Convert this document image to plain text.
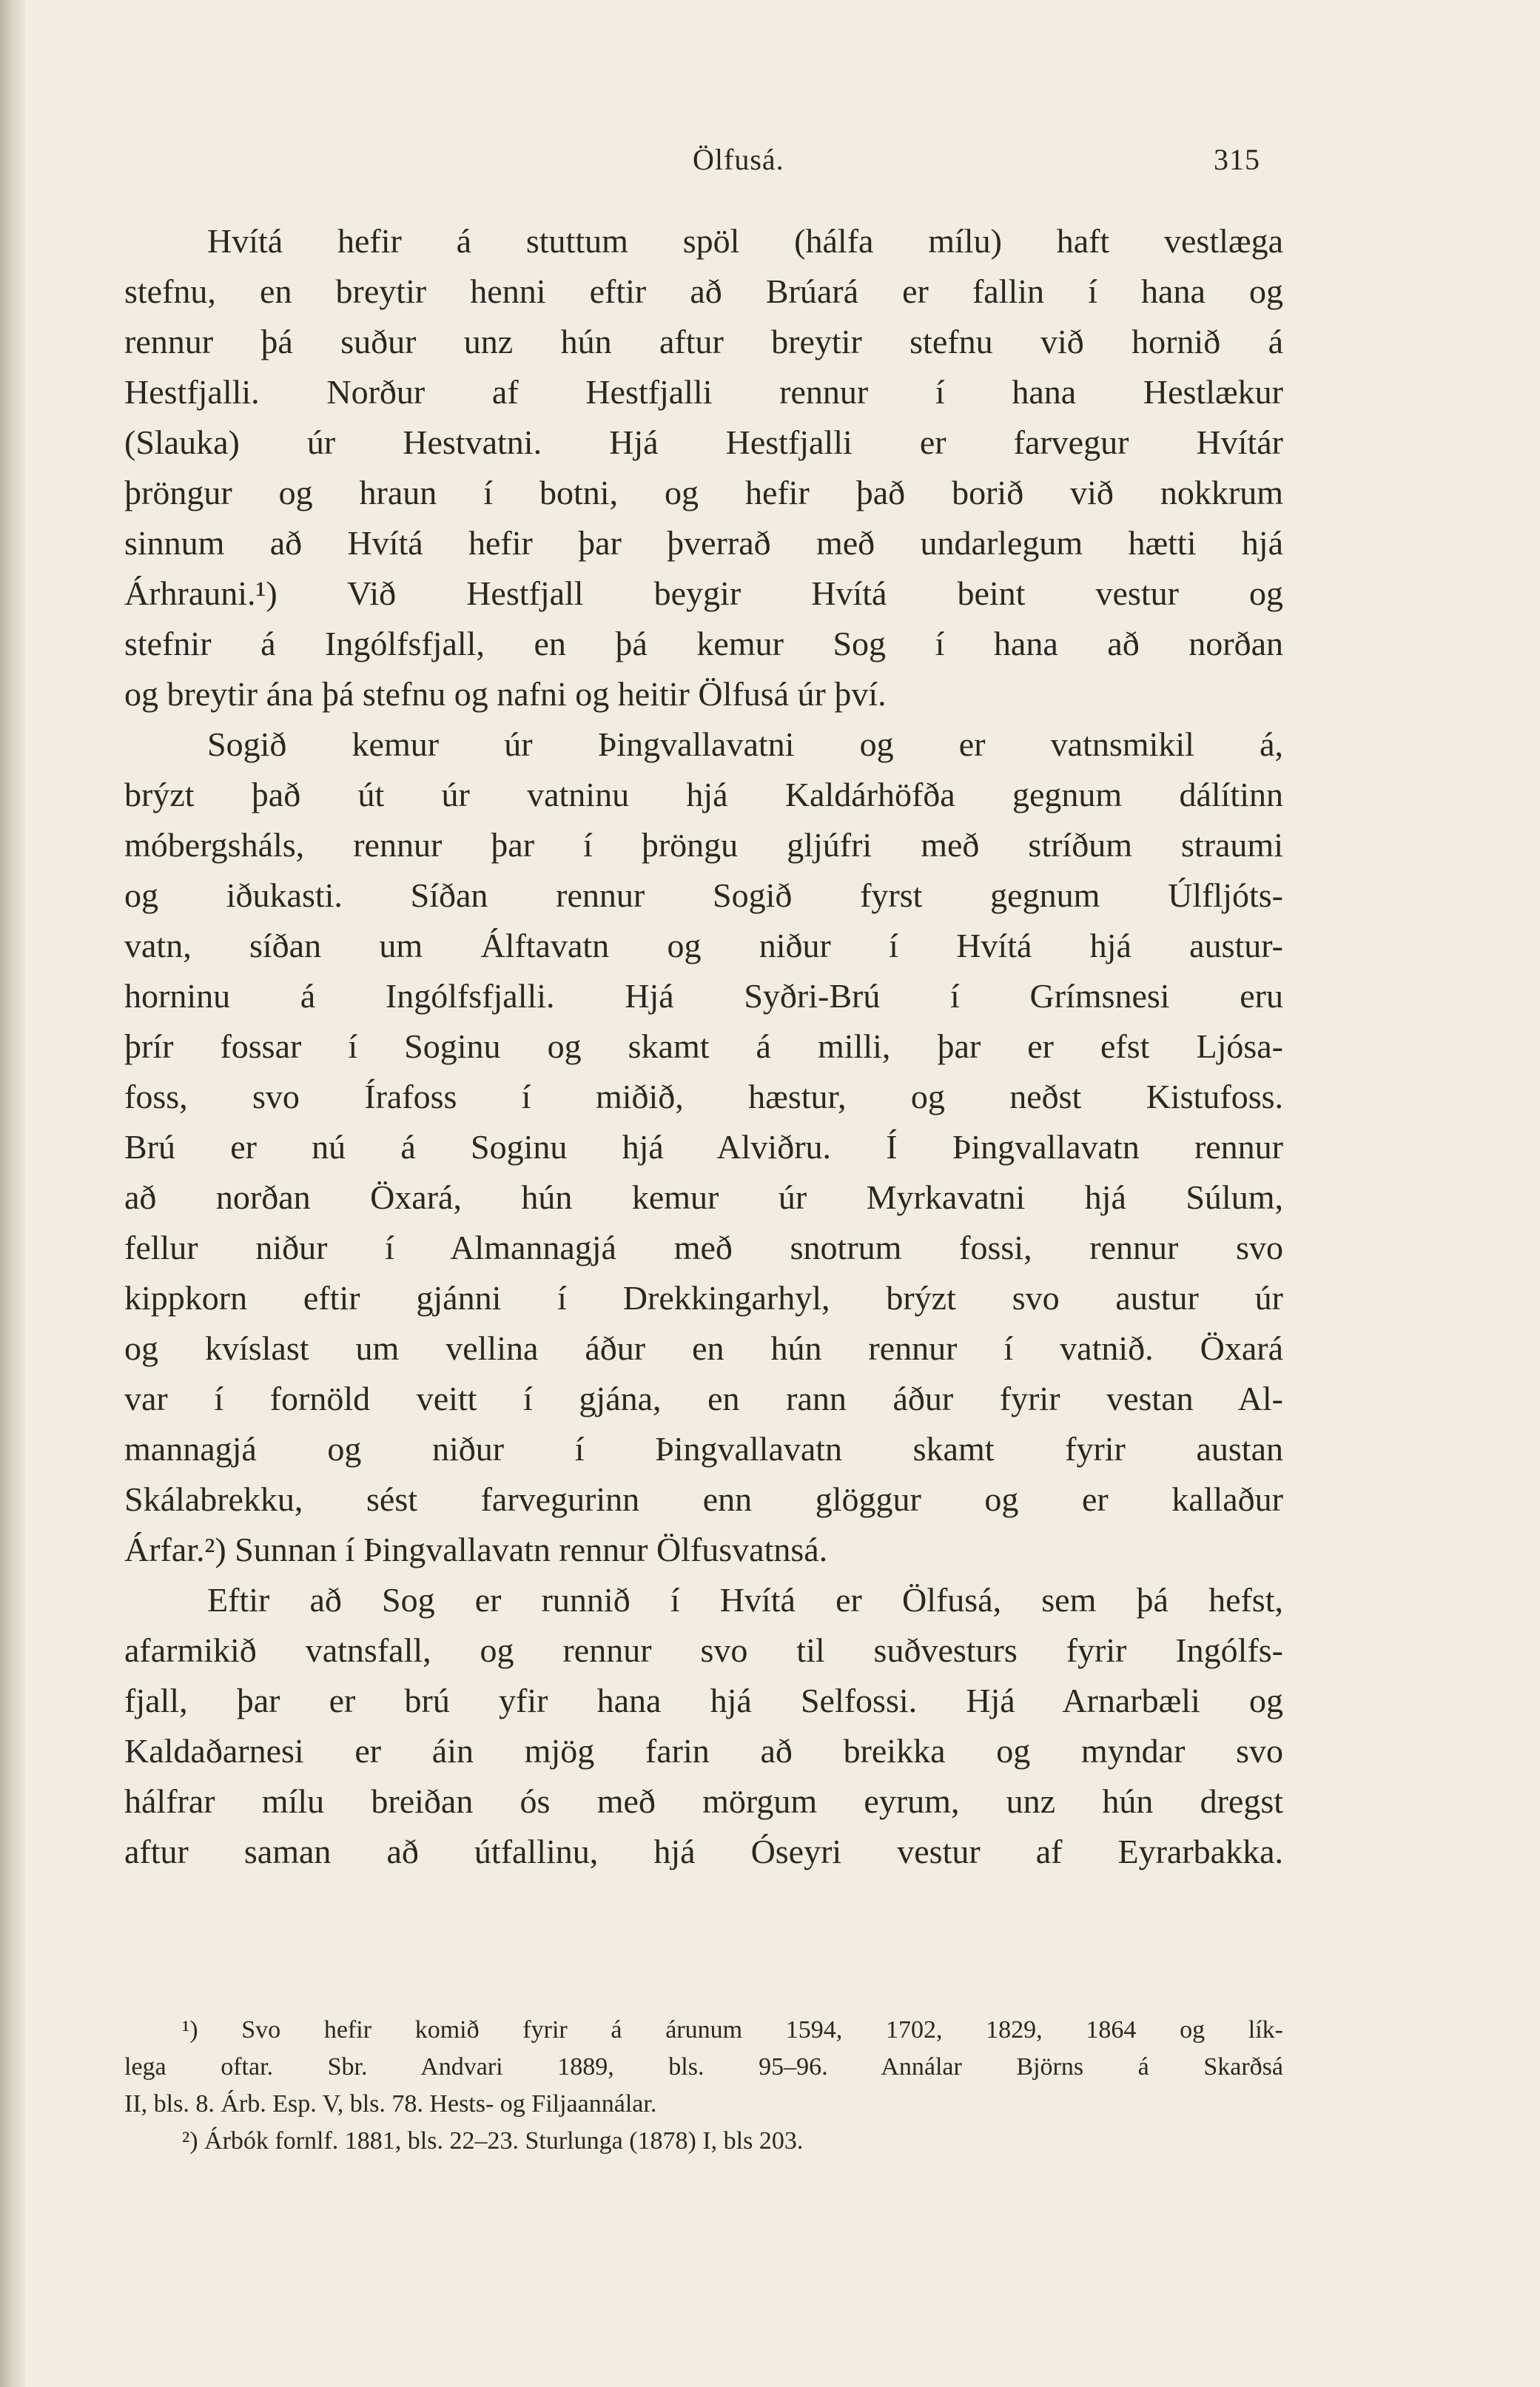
Ölfusá.	315
Hvítá hefir á stuttum spöl (hálfa mílu) haft vestlæga
stefnu, en breytir henni eftir að Brúará er fallin í hana og
rennur þá suður unz hún aftur breytir stefnu við hornið á
Hestfjalli. Norður af Hestfjalli rennur í hana Hestlækur
(Slauka) úr Hestvatni. Hjá Hestfjalli er farvegur Hvítár
þröngur og hraun í botni, og hefir það borið við nokkrum
sinnum að Hvítá hefir þar þverrað með undarlegum hætti hjá
Árhrauni.¹) Við Hestfjall beygir Hvítá beint vestur og
stefnir á Ingólfsfjall, en þá kemur Sog í hana að norðan
og breytir ána þá stefnu og nafni og heitir Ölfusá úr því.
Sogið kemur úr Þingvallavatni og er vatnsmikil á,
brýzt það út úr vatninu hjá Kaldárhöfða gegnum dálítinn
móbergsháls, rennur þar í þröngu gljúfri með stríðum straumi
og iðukasti. Síðan rennur Sogið fyrst gegnum Úlfljóts-
vatn, síðan um Álftavatn og niður í Hvítá hjá austur-
horninu á Ingólfsfjalli. Hjá Syðri-Brú í Grímsnesi eru
þrír fossar í Soginu og skamt á milli, þar er efst Ljósa-
foss, svo Írafoss í miðið, hæstur, og neðst Kistufoss.
Brú er nú á Soginu hjá Alviðru. Í Þingvallavatn rennur
að norðan Öxará, hún kemur úr Myrkavatni hjá Súlum,
fellur niður í Almannagjá með snotrum fossi, rennur svo
kippkorn eftir gjánni í Drekkingarhyl, brýzt svo austur úr
og kvíslast um vellina áður en hún rennur í vatnið. Öxará
var í fornöld veitt í gjána, en rann áður fyrir vestan Al-
mannagjá og niður í Þingvallavatn skamt fyrir austan
Skálabrekku, sést farvegurinn enn glöggur og er kallaður
Árfar.²) Sunnan í Þingvallavatn rennur Ölfusvatnsá.
Eftir að Sog er runnið í Hvítá er Ölfusá, sem þá hefst,
afarmikið vatnsfall, og rennur svo til suðvesturs fyrir Ingólfs-
fjall, þar er brú yfir hana hjá Selfossi. Hjá Arnarbæli og
Kaldaðarnesi er áin mjög farin að breikka og myndar svo
hálfrar mílu breiðan ós með mörgum eyrum, unz hún dregst
aftur saman að útfallinu, hjá Óseyri vestur af Eyrarbakka.
¹) Svo hefir komið fyrir á árunum 1594, 1702, 1829, 1864 og lík-
lega oftar. Sbr. Andvari 1889, bls. 95–96. Annálar Björns á Skarðsá
II, bls. 8. Árb. Esp. V, bls. 78. Hests- og Filjaannálar.
²) Árbók fornlf. 1881, bls. 22–23. Sturlunga (1878) I, bls 203.
